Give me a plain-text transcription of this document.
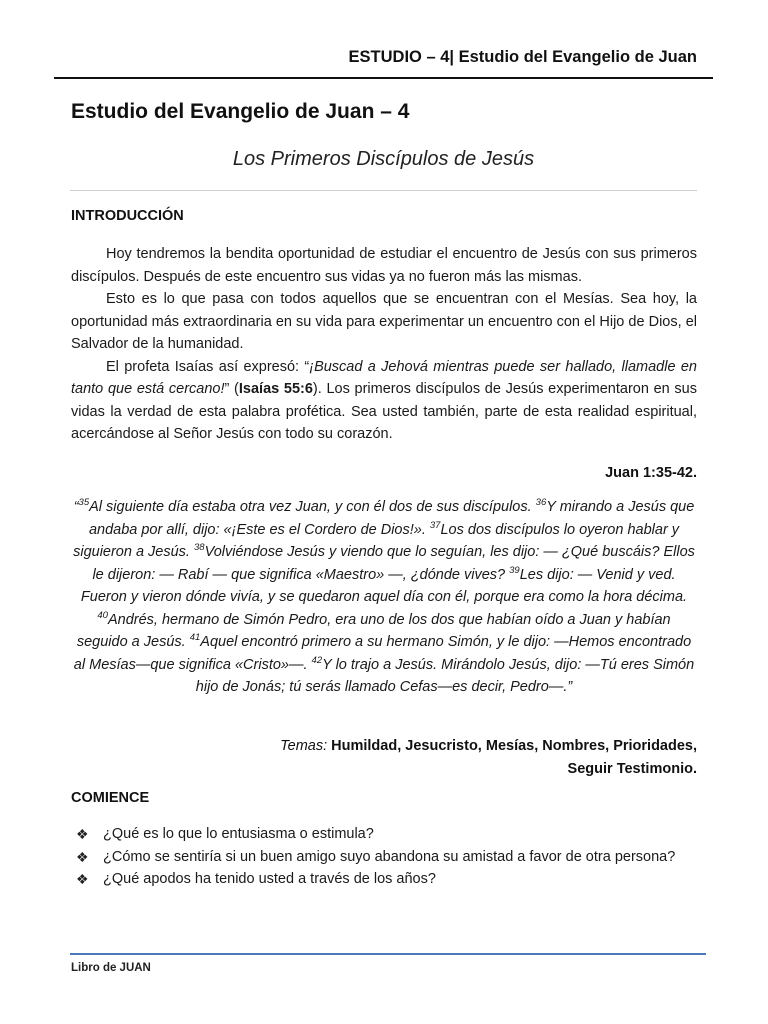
ESTUDIO – 4| Estudio del Evangelio de Juan
Estudio del Evangelio de Juan – 4
Los Primeros Discípulos de Jesús
INTRODUCCIÓN

Hoy tendremos la bendita oportunidad de estudiar el encuentro de Jesús con sus primeros discípulos. Después de este encuentro sus vidas ya no fueron más las mismas.

Esto es lo que pasa con todos aquellos que se encuentran con el Mesías. Sea hoy, la oportunidad más extraordinaria en su vida para experimentar un encuentro con el Hijo de Dios, el Salvador de la humanidad.

El profeta Isaías así expresó: “¡Buscad a Jehová mientras puede ser hallado, llamadle en tanto que está cercano!” (Isaías 55:6). Los primeros discípulos de Jesús experimentaron en sus vidas la verdad de esta palabra profética. Sea usted también, parte de esta realidad espiritual, acercándose al Señor Jesús con todo su corazón.

Juan 1:35-42.
“$^{35}$Al siguiente día estaba otra vez Juan, y con él dos de sus discípulos. $^{36}$Y mirando a Jesús que andaba por allí, dijo: «¡Este es el Cordero de Dios!». $^{37}$Los dos discípulos lo oyeron hablar y siguieron a Jesús. $^{38}$Volviéndose Jesús y viendo que lo seguían, les dijo: — ¿Qué buscáis? Ellos le dijeron: — Rabí — que significa «Maestro» —, ¿dónde vives? $^{39}$Les dijo: — Venid y ved. Fueron y vieron dónde vivía, y se quedaron aquel día con él, porque era como la hora décima. $^{40}$Andrés, hermano de Simón Pedro, era uno de los dos que habían oído a Juan y habían seguido a Jesús. $^{41}$Aquel encontró primero a su hermano Simón, y le dijo: —Hemos encontrado al Mesías—que significa «Cristo»—. $^{42}$Y lo trajo a Jesús. Mirándolo Jesús, dijo: —Tú eres Simón hijo de Jonás; tú serás llamado Cefas—es decir, Pedro—.”
Temas: Humildad, Jesucristo, Mesías, Nombres, Prioridades, Seguir Testimonio.
COMIENCE
❖ ¿Qué es lo que lo entusiasma o estimula?
❖ ¿Cómo se sentiría si un buen amigo suyo abandona su amistad a favor de otra persona?
❖ ¿Qué apodos ha tenido usted a través de los años?
Libro de JUAN
